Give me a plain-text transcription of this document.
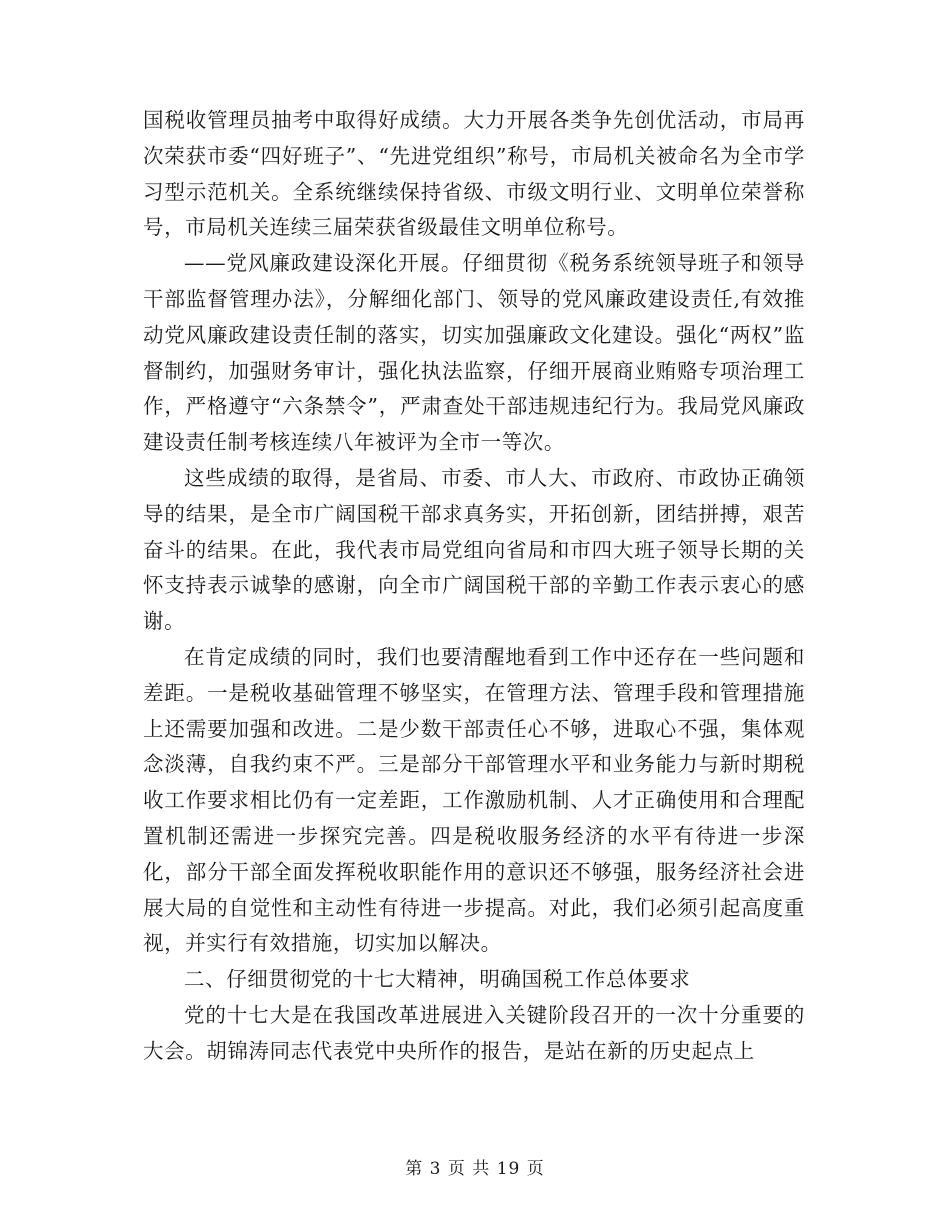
国税收管理员抽考中取得好成绩。大力开展各类争先创优活动，市局再次荣获市委“四好班子”、“先进党组织”称号，市局机关被命名为全市学习型示范机关。全系统继续保持省级、市级文明行业、文明单位荣誉称号，市局机关连续三届荣获省级最佳文明单位称号。

——党风廉政建设深化开展。仔细贯彻《税务系统领导班子和领导干部监督管理办法》，分解细化部门、领导的党风廉政建设责任,有效推动党风廉政建设责任制的落实，切实加强廉政文化建设。强化“两权”监督制约，加强财务审计，强化执法监察，仔细开展商业贿赂专项治理工作，严格遵守“六条禁令”，严肃查处干部违规违纪行为。我局党风廉政建设责任制考核连续八年被评为全市一等次。

这些成绩的取得，是省局、市委、市人大、市政府、市政协正确领导的结果，是全市广阔国税干部求真务实，开拓创新，团结拼搏，艰苦奋斗的结果。在此，我代表市局党组向省局和市四大班子领导长期的关怀支持表示诚挚的感谢，向全市广阔国税干部的辛勤工作表示衷心的感谢。

在肯定成绩的同时，我们也要清醒地看到工作中还存在一些问题和差距。一是税收基础管理不够坚实，在管理方法、管理手段和管理措施上还需要加强和改进。二是少数干部责任心不够，进取心不强，集体观念淡薄，自我约束不严。三是部分干部管理水平和业务能力与新时期税收工作要求相比仍有一定差距，工作激励机制、人才正确使用和合理配置机制还需进一步探究完善。四是税收服务经济的水平有待进一步深化，部分干部全面发挥税收职能作用的意识还不够强，服务经济社会进展大局的自觉性和主动性有待进一步提高。对此，我们必须引起高度重视，并实行有效措施，切实加以解决。

二、仔细贯彻党的十七大精神，明确国税工作总体要求

党的十七大是在我国改革进展进入关键阶段召开的一次十分重要的大会。胡锦涛同志代表党中央所作的报告，是站在新的历史起点上

第 3 页 共 19 页
